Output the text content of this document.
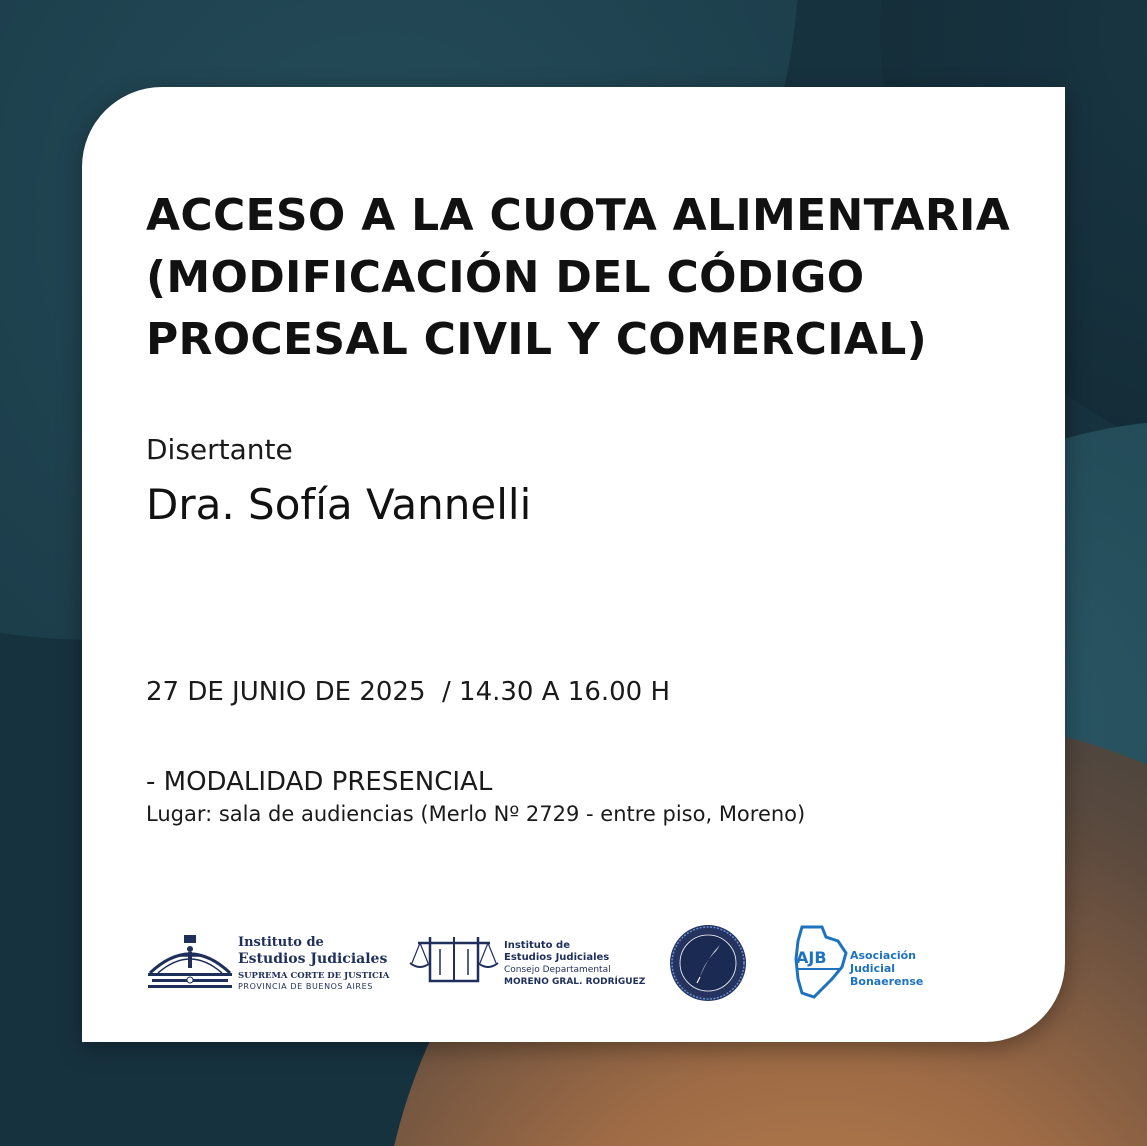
ACCESO A LA CUOTA ALIMENTARIA
(MODIFICACIÓN DEL CÓDIGO
PROCESAL CIVIL Y COMERCIAL)
Disertante
Dra. Sofía Vannelli
27 DE JUNIO DE 2025  / 14.30 A 16.00 H
- MODALIDAD PRESENCIAL
Lugar: sala de audiencias (Merlo Nº 2729 - entre piso, Moreno)
Instituto de
Estudios Judiciales
SUPREMA CORTE DE JUSTICIA
PROVINCIA DE BUENOS AIRES
Instituto de
Estudios Judiciales
Consejo Departamental
MORENO GRAL. RODRÍGUEZ
AJB Asociación
Judicial
Bonaerense
